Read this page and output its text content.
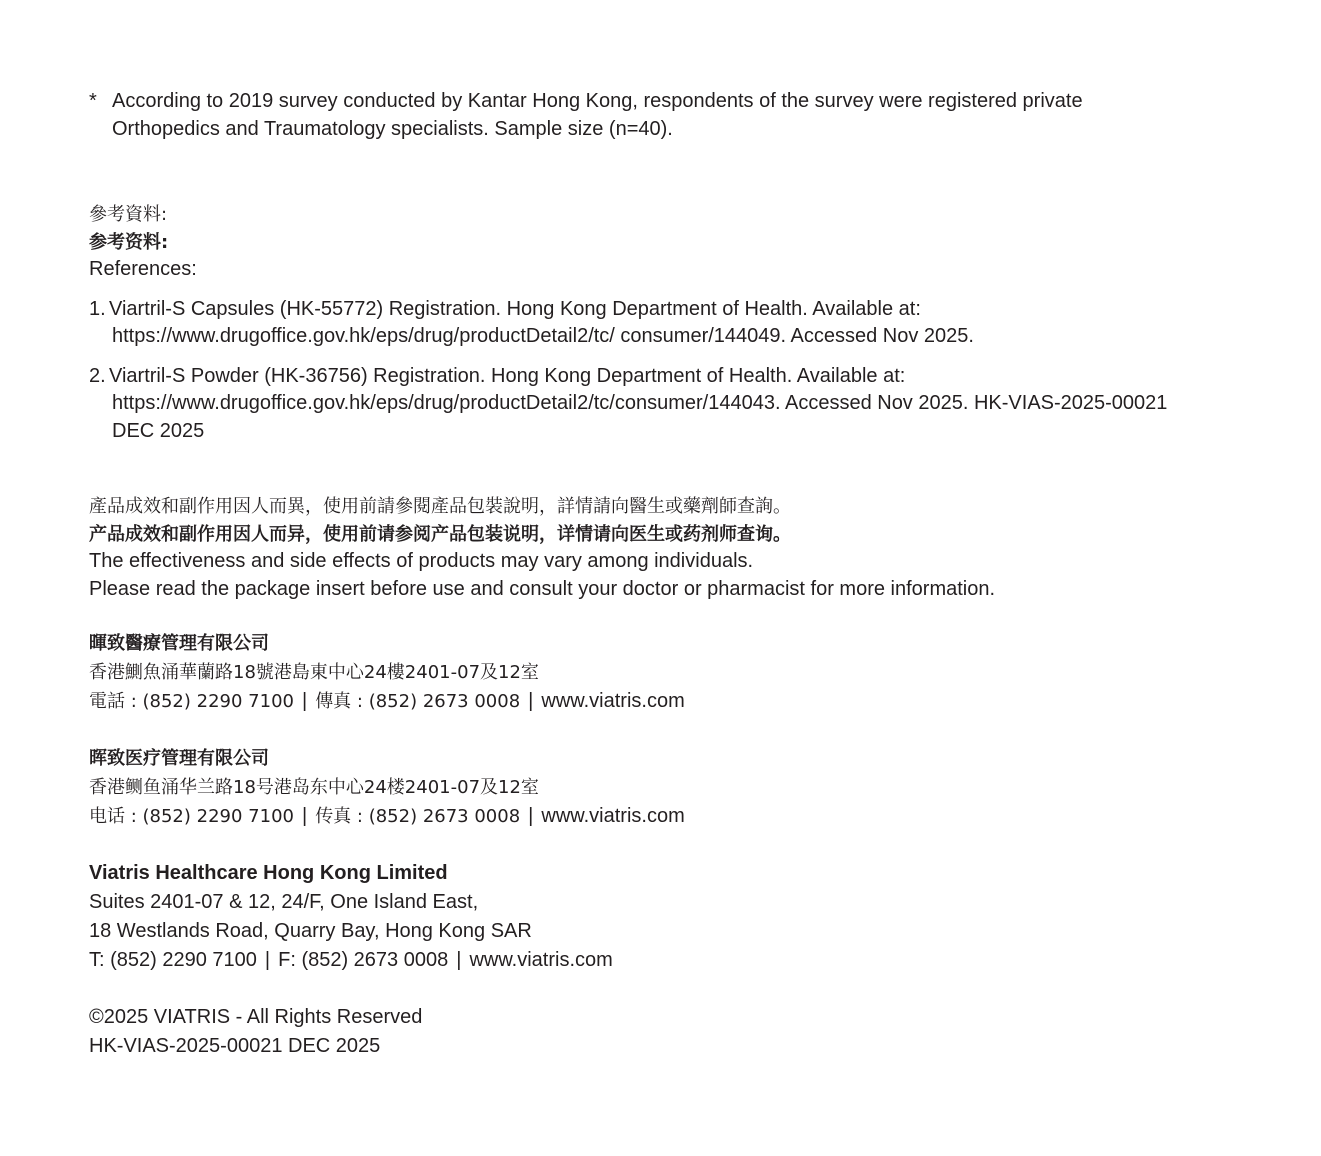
* According to 2019 survey conducted by Kantar Hong Kong, respondents of the survey were registered private
Orthopedics and Traumatology specialists. Sample size (n=40).
參考資料:
参考资料:
References:
1. Viartril-S Capsules (HK-55772) Registration. Hong Kong Department of Health. Available at:
https://www.drugoffice.gov.hk/eps/drug/productDetail2/tc/ consumer/144049. Accessed Nov 2025.
2. Viartril-S Powder (HK-36756) Registration. Hong Kong Department of Health. Available at:
https://www.drugoffice.gov.hk/eps/drug/productDetail2/tc/consumer/144043. Accessed Nov 2025. HK-VIAS-2025-00021
DEC 2025
產品成效和副作用因人而異，使用前請參閱產品包裝說明，詳情請向醫生或藥劑師查詢。
产品成效和副作用因人而异，使用前请参阅产品包装说明，详情请向医生或药剂师查询。
The effectiveness and side effects of products may vary among individuals.
Please read the package insert before use and consult your doctor or pharmacist for more information.
暉致醫療管理有限公司
香港鰂魚涌華蘭路18號港島東中心24樓2401-07及12室
電話 : (852) 2290 7100 | 傳真 : (852) 2673 0008 | www.viatris.com
晖致医疗管理有限公司
香港鲗鱼涌华兰路18号港岛东中心24楼2401-07及12室
电话 : (852) 2290 7100 | 传真 : (852) 2673 0008 | www.viatris.com
Viatris Healthcare Hong Kong Limited
Suites 2401-07 & 12, 24/F, One Island East,
18 Westlands Road, Quarry Bay, Hong Kong SAR
T: (852) 2290 7100 | F: (852) 2673 0008 | www.viatris.com
©2025 VIATRIS - All Rights Reserved
HK-VIAS-2025-00021 DEC 2025
